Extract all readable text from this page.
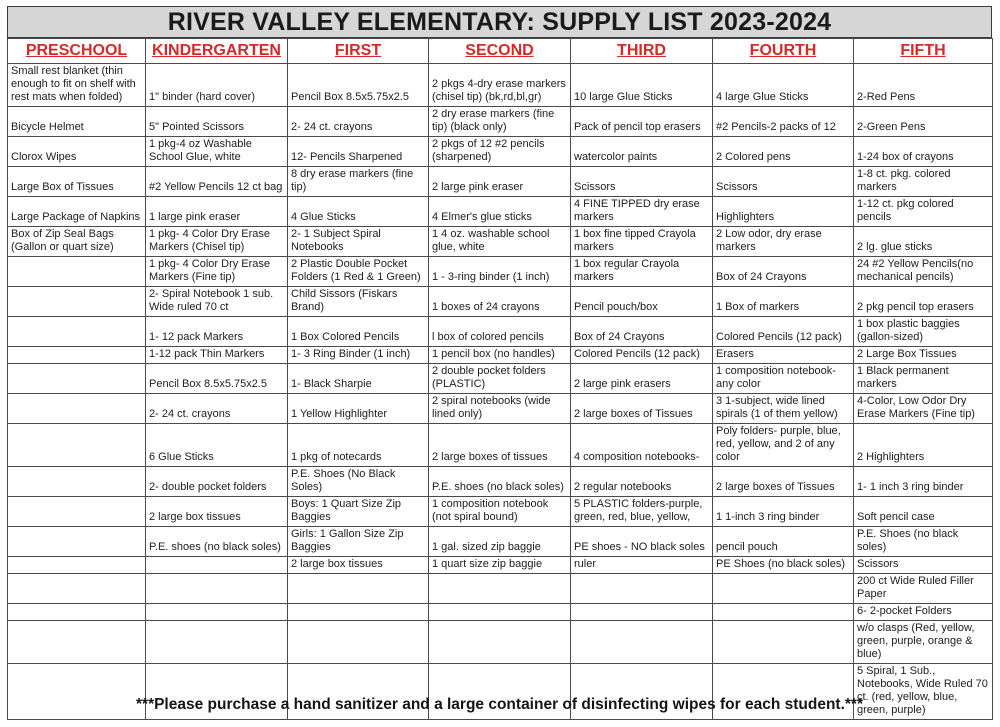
RIVER VALLEY ELEMENTARY: SUPPLY LIST 2023-2024
PRESCHOOL	KINDERGARTEN	FIRST	SECOND	THIRD	FOURTH	FIFTH
Small rest blanket (thin enough to fit on shelf with rest mats when folded)	1" binder (hard cover)	Pencil Box 8.5x5.75x2.5	2 pkgs 4-dry erase markers (chisel tip) (bk,rd,bl,gr)	10 large Glue Sticks	4 large Glue Sticks	2-Red Pens
Bicycle Helmet	5" Pointed Scissors	2- 24 ct. crayons	2 dry erase markers (fine tip) (black only)	Pack of pencil top erasers	#2 Pencils-2 packs of 12	2-Green Pens
Clorox Wipes	1 pkg-4 oz Washable School Glue, white	12- Pencils Sharpened	2 pkgs of 12 #2 pencils (sharpened)	watercolor paints	2 Colored pens	1-24 box of crayons
Large Box of Tissues	#2 Yellow Pencils 12 ct bag	8 dry erase markers (fine tip)	2 large pink eraser	Scissors	Scissors	1-8 ct. pkg. colored markers
Large Package of Napkins	1 large pink eraser	4 Glue Sticks	4 Elmer's glue sticks	4 FINE TIPPED dry erase markers	Highlighters	1-12 ct. pkg colored pencils
Box of Zip Seal Bags (Gallon or quart size)	1 pkg- 4 Color Dry Erase Markers (Chisel tip)	2- 1 Subject Spiral Notebooks	1 4 oz. washable school glue, white	1 box fine tipped Crayola markers	2 Low odor, dry erase markers	2 lg. glue sticks
	1 pkg- 4 Color Dry Erase Markers (Fine tip)	2 Plastic Double Pocket Folders (1 Red & 1 Green)	1 - 3-ring binder (1 inch)	1 box regular Crayola markers	Box of 24 Crayons	24 #2 Yellow Pencils(no mechanical pencils)
	2- Spiral Notebook 1 sub. Wide ruled 70 ct	Child Sissors (Fiskars Brand)	1 boxes of 24 crayons	Pencil pouch/box	1 Box of markers	2 pkg pencil top erasers
	1- 12 pack Markers	1 Box Colored Pencils	l box of colored pencils	Box of 24 Crayons	Colored Pencils (12 pack)	1 box plastic baggies (gallon-sized)
	1-12 pack Thin Markers	1- 3 Ring Binder (1 inch)	1 pencil box (no handles)	Colored Pencils (12 pack)	Erasers	2 Large Box Tissues
	Pencil Box 8.5x5.75x2.5	1- Black Sharpie	2 double pocket folders (PLASTIC)	2 large pink erasers	1 composition notebook- any color	1 Black permanent markers
	2- 24 ct. crayons	1 Yellow Highlighter	2 spiral notebooks (wide lined only)	2 large boxes of Tissues	3 1-subject, wide lined spirals (1 of them yellow)	4-Color, Low Odor Dry Erase Markers (Fine tip)
	6 Glue Sticks	1 pkg of notecards	2 large boxes of tissues	4 composition notebooks-	Poly folders- purple, blue, red, yellow, and 2 of any color	2 Highlighters
	2- double pocket folders	P.E. Shoes (No Black Soles)	P.E. shoes (no black soles)	2 regular notebooks	2 large boxes of Tissues	1- 1 inch 3 ring binder
	2 large box tissues	Boys: 1 Quart Size Zip Baggies	1 composition notebook (not spiral bound)	5 PLASTIC folders-purple, green, red, blue, yellow,	1 1-inch 3 ring binder	Soft pencil case
	P.E. shoes (no black soles)	Girls: 1 Gallon Size Zip Baggies	1 gal. sized zip baggie	PE shoes - NO black soles	pencil pouch	P.E. Shoes (no black soles)
		2 large box tissues	1 quart size zip baggie	ruler	PE Shoes (no black soles)	Scissors
						200 ct Wide Ruled Filler Paper
						6- 2-pocket Folders
						w/o clasps (Red, yellow, green, purple, orange & blue)
						5 Spiral, 1 Sub., Notebooks, Wide Ruled 70 ct. (red, yellow, blue, green, purple)
***Please purchase a hand sanitizer and a large container of disinfecting wipes for each student.***
